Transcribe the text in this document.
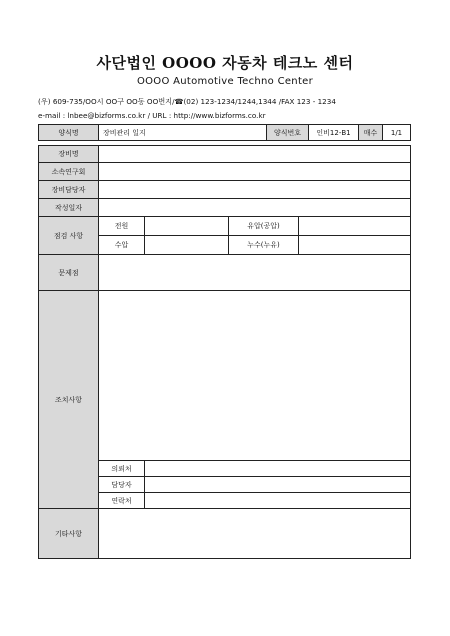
사단법인 OOOO 자동차 테크노 센터
OOOO Automotive Techno Center
(우) 609-735/OO시 OO구 OO동 OO번지/☎(02) 123-1234/1244,1344 /FAX 123 - 1234
e-mail : lnbee@bizforms.co.kr / URL : http://www.bizforms.co.kr
양식명	장비관리 일지	양식번호	인비12-B1	매수	1/1
장비명				
소속연구회				
장비담당자				
작성일자				
점검 사항	전원		유압(공압)	
	수압		누수(누유)	
문제점				
조치사항				
	의뢰처			
	담당자			
	연락처			
기타사항				
